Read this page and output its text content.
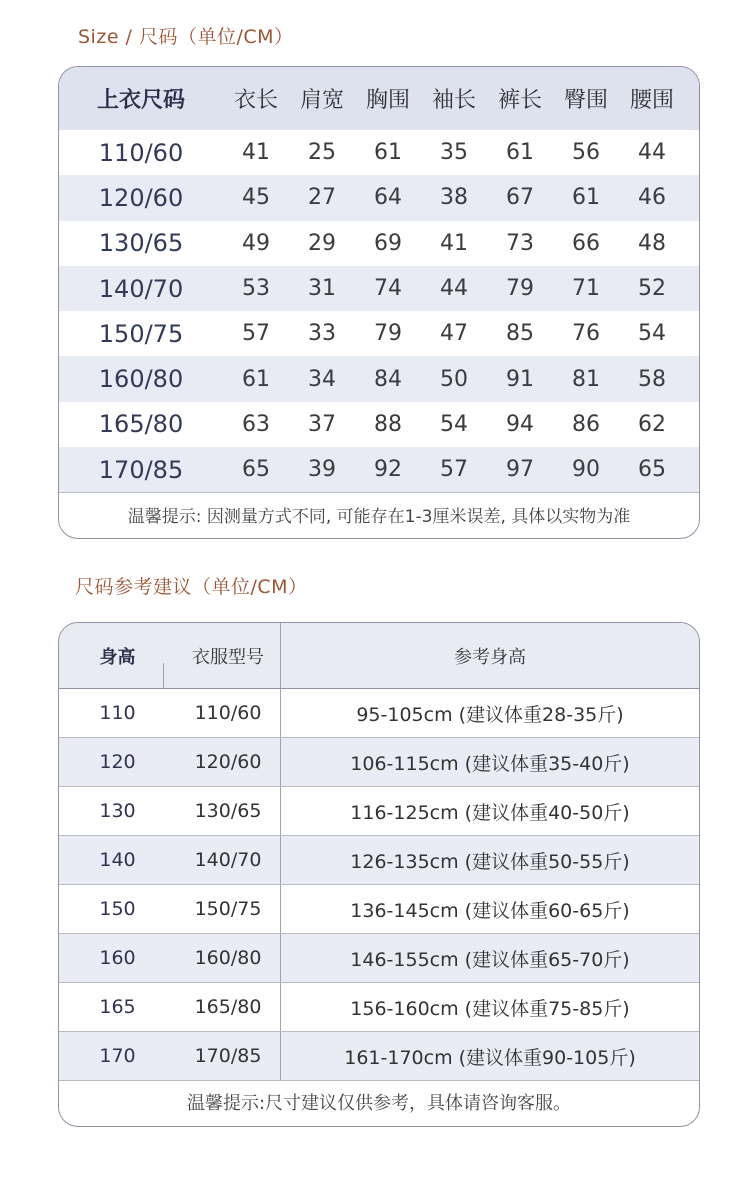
Size / 尺码（单位/CM）
上衣尺码	衣长 肩宽 胸围 袖长 裤长 臀围 腰围
110/60	41	25	61	35	61	56	44
120/60	45	27	64	38	67	61	46
130/65	49	29	69	41	73	66	48
140/70	53	31	74	44	79	71	52
150/75	57	33	79	47	85	76	54
160/80	61	34	84	50	91	81	58
165/80	63	37	88	54	94	86	62
170/85	65	39	92	57	97	90	65
温馨提示: 因测量方式不同, 可能存在1-3厘米误差, 具体以实物为准
尺码参考建议（单位/CM）
身高	衣服型号	参考身高
110	110/60	95-105cm (建议体重28-35斤)
120	120/60	106-115cm (建议体重35-40斤)
130	130/65	116-125cm (建议体重40-50斤)
140	140/70	126-135cm (建议体重50-55斤)
150	150/75	136-145cm (建议体重60-65斤)
160	160/80	146-155cm (建议体重65-70斤)
165	165/80	156-160cm (建议体重75-85斤)
170	170/85	161-170cm (建议体重90-105斤)
温馨提示:尺寸建议仅供参考，具体请咨询客服。
